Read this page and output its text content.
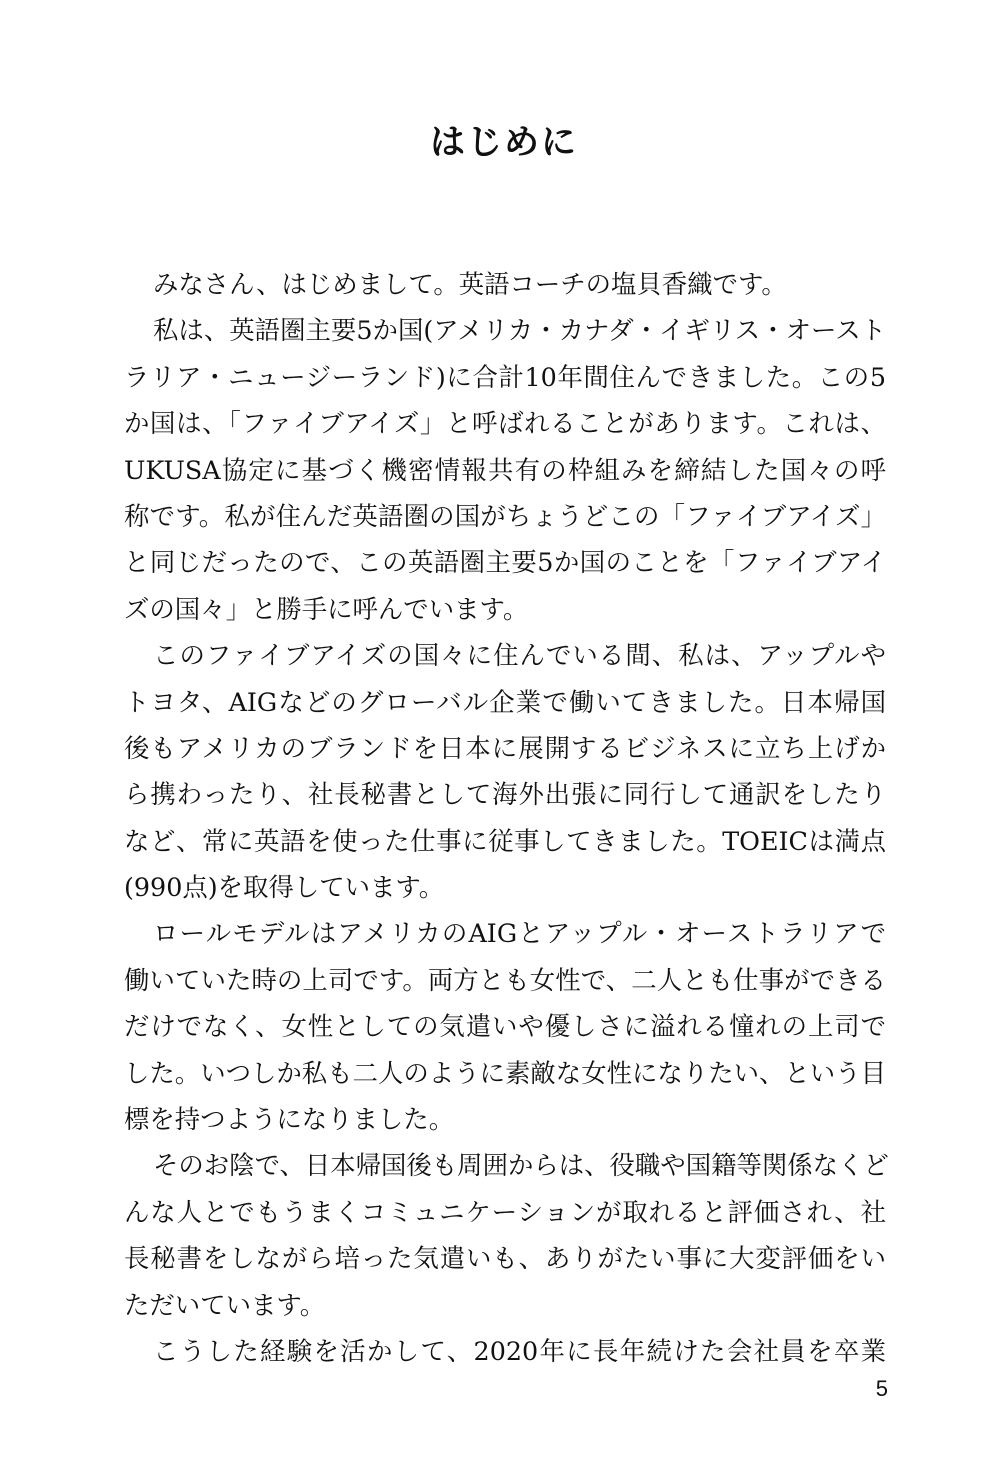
はじめに
みなさん、はじめまして。英語コーチの塩貝香織です。
私は、英語圏主要5か国(アメリカ・カナダ・イギリス・オースト
ラリア・ニュージーランド)に合計10年間住んできました。この5
か国は、「ファイブアイズ」と呼ばれることがあります。これは、
UKUSA協定に基づく機密情報共有の枠組みを締結した国々の呼
称です。私が住んだ英語圏の国がちょうどこの「ファイブアイズ」
と同じだったので、この英語圏主要5か国のことを「ファイブアイ
ズの国々」と勝手に呼んでいます。
このファイブアイズの国々に住んでいる間、私は、アップルや
トヨタ、AIGなどのグローバル企業で働いてきました。日本帰国
後もアメリカのブランドを日本に展開するビジネスに立ち上げか
ら携わったり、社長秘書として海外出張に同行して通訳をしたり
など、常に英語を使った仕事に従事してきました。TOEICは満点
(990点)を取得しています。
ロールモデルはアメリカのAIGとアップル・オーストラリアで
働いていた時の上司です。両方とも女性で、二人とも仕事ができる
だけでなく、女性としての気遣いや優しさに溢れる憧れの上司で
した。いつしか私も二人のように素敵な女性になりたい、という目
標を持つようになりました。
そのお陰で、日本帰国後も周囲からは、役職や国籍等関係なくど
んな人とでもうまくコミュニケーションが取れると評価され、社
長秘書をしながら培った気遣いも、ありがたい事に大変評価をい
ただいています。
こうした経験を活かして、2020年に長年続けた会社員を卒業
5
